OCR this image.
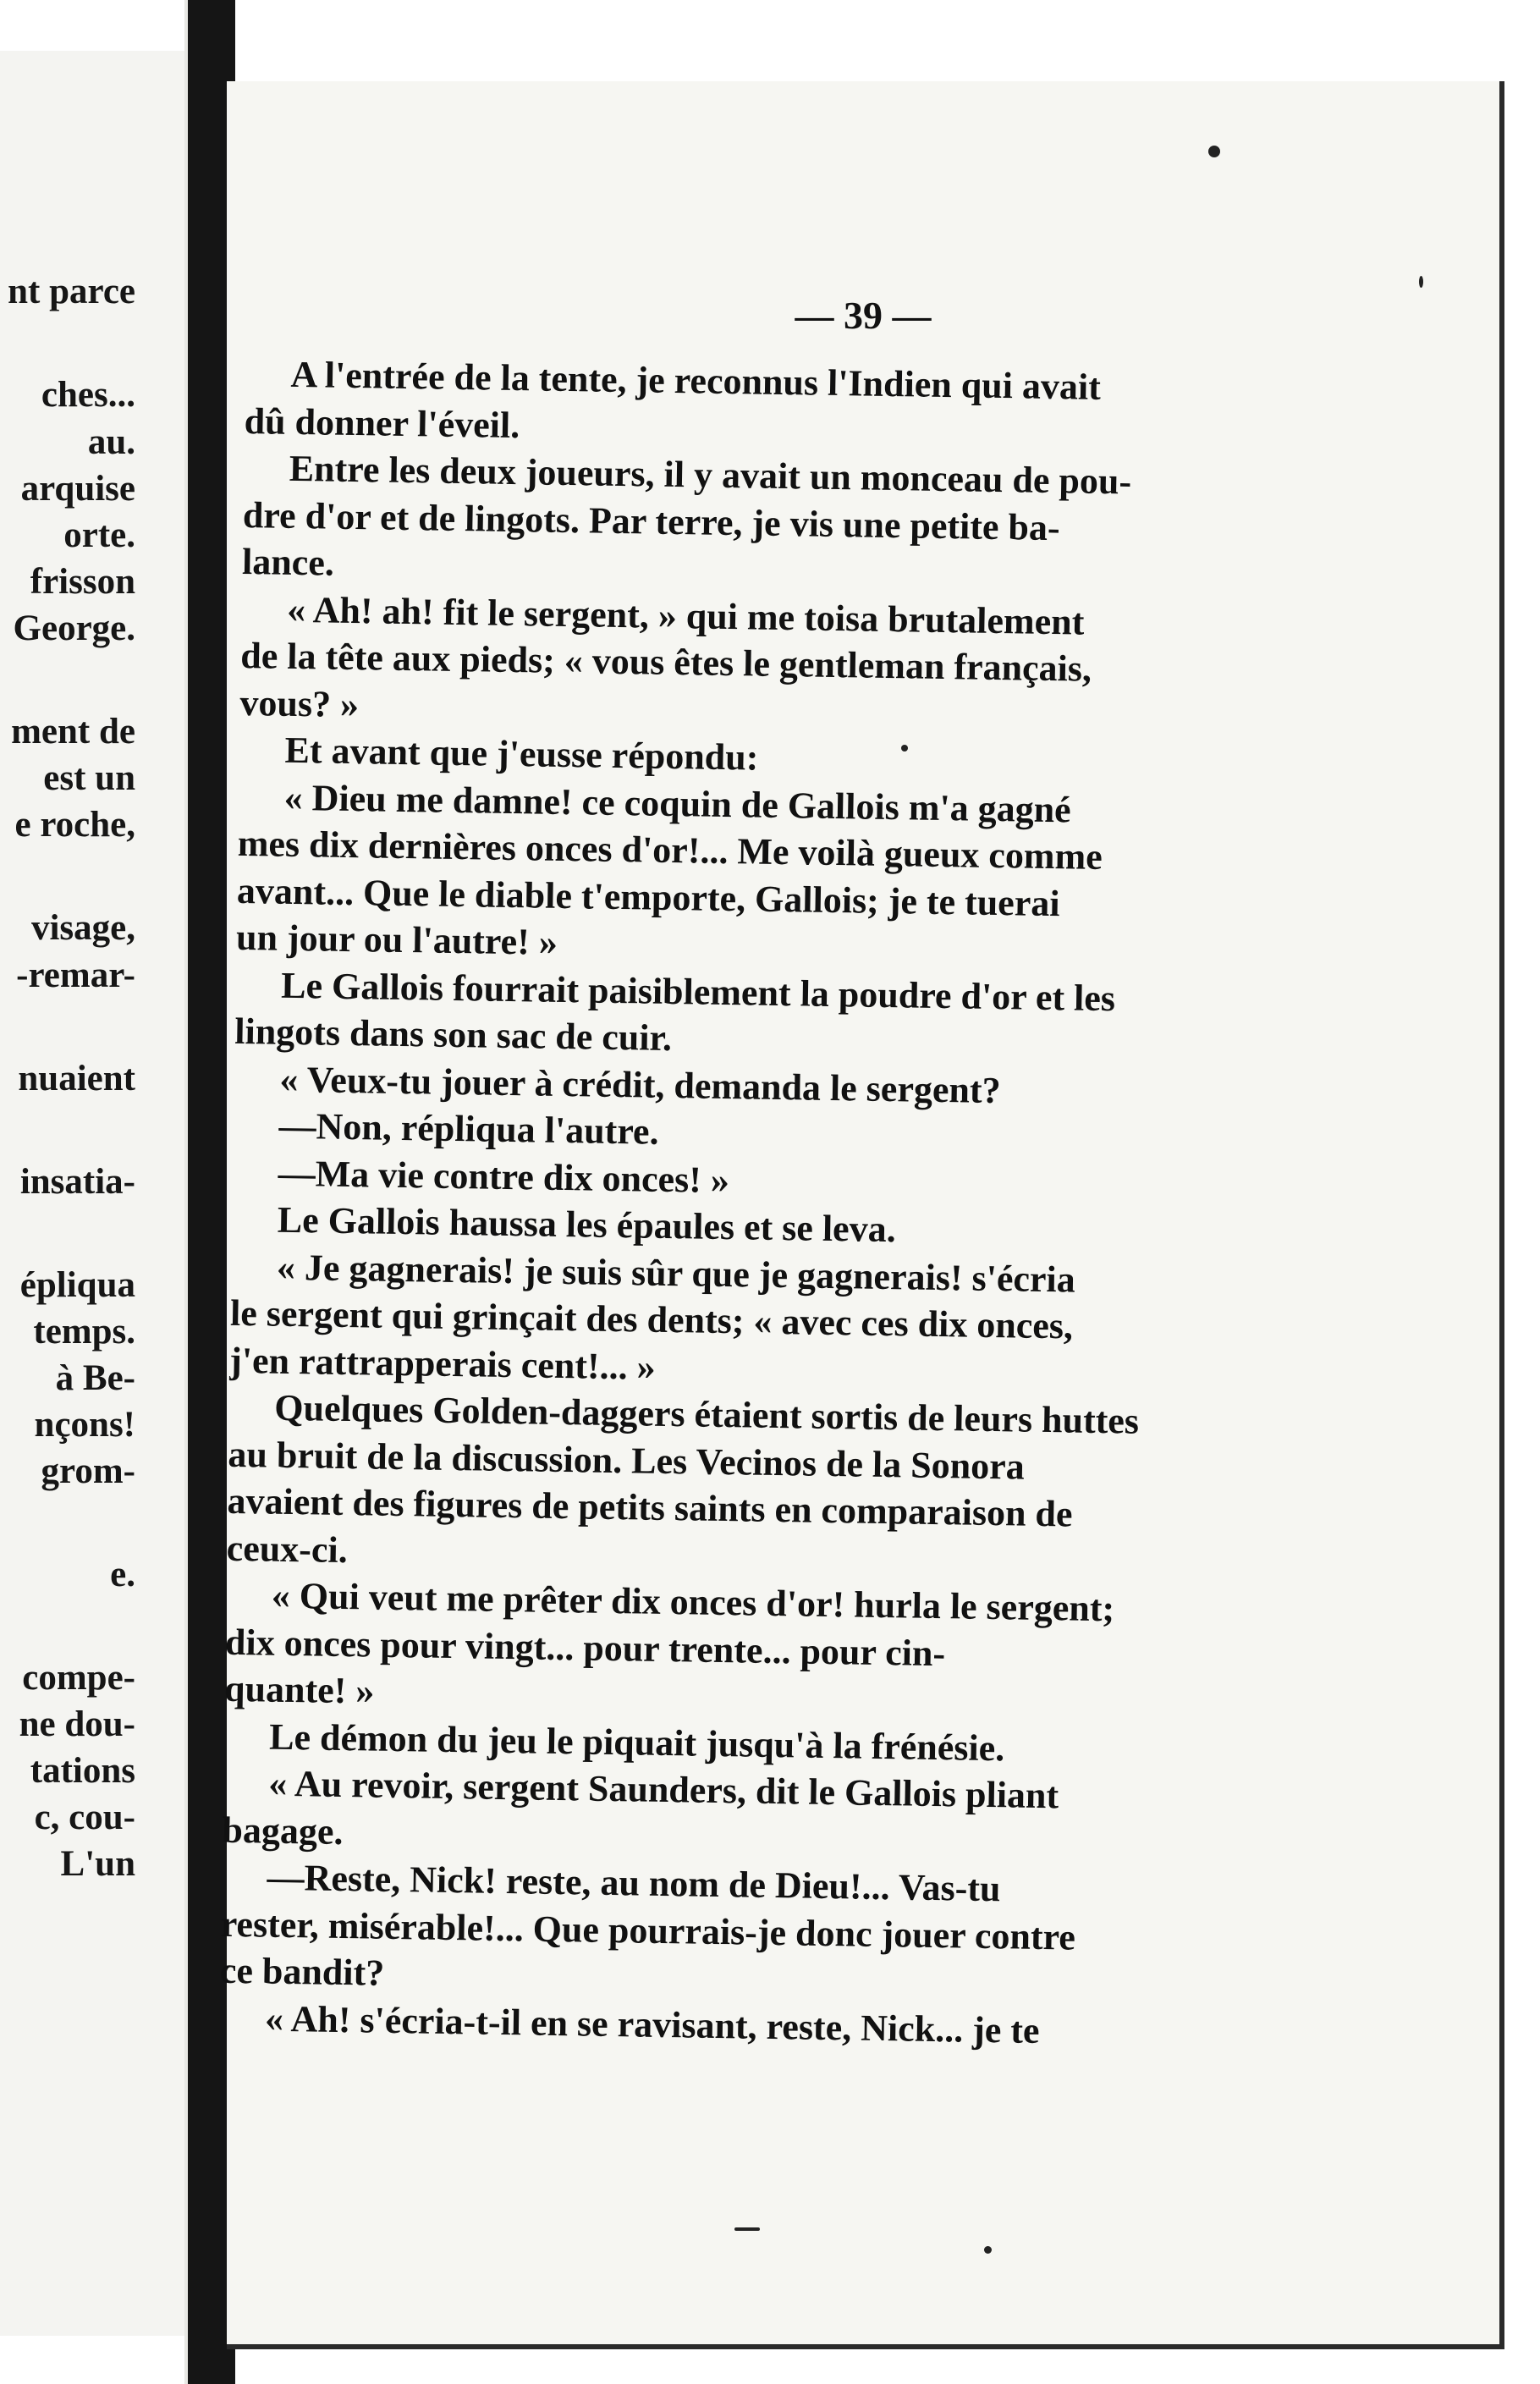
nt parce
ches...
au.
arquise
orte.
frisson
George.
ment de
est un
e roche,
visage,
-remar-
nuaient
insatia-
épliqua
temps.
à Be-
nçons!
grom-
e.
compe-
ne dou-
tations
c, cou-
L'un
— 39 —
A l'entrée de la tente, je reconnus l'Indien qui avait
dû donner l'éveil.
Entre les deux joueurs, il y avait un monceau de pou-
dre d'or et de lingots. Par terre, je vis une petite ba-
lance.
« Ah! ah! fit le sergent, » qui me toisa brutalement
de la tête aux pieds; « vous êtes le gentleman français,
vous? »
Et avant que j'eusse répondu:
« Dieu me damne! ce coquin de Gallois m'a gagné
mes dix dernières onces d'or!... Me voilà gueux comme
avant... Que le diable t'emporte, Gallois; je te tuerai
un jour ou l'autre! »
Le Gallois fourrait paisiblement la poudre d'or et les
lingots dans son sac de cuir.
« Veux-tu jouer à crédit, demanda le sergent?
—Non, répliqua l'autre.
—Ma vie contre dix onces! »
Le Gallois haussa les épaules et se leva.
« Je gagnerais! je suis sûr que je gagnerais! s'écria
le sergent qui grinçait des dents; « avec ces dix onces,
j'en rattrapperais cent!... »
Quelques Golden-daggers étaient sortis de leurs huttes
au bruit de la discussion. Les Vecinos de la Sonora
avaient des figures de petits saints en comparaison de
ceux-ci.
« Qui veut me prêter dix onces d'or! hurla le sergent;
dix onces pour vingt... pour trente... pour cin-
quante! »
Le démon du jeu le piquait jusqu'à la frénésie.
« Au revoir, sergent Saunders, dit le Gallois pliant
bagage.
—Reste, Nick! reste, au nom de Dieu!... Vas-tu
rester, misérable!... Que pourrais-je donc jouer contre
ce bandit?
« Ah! s'écria-t-il en se ravisant, reste, Nick... je te
